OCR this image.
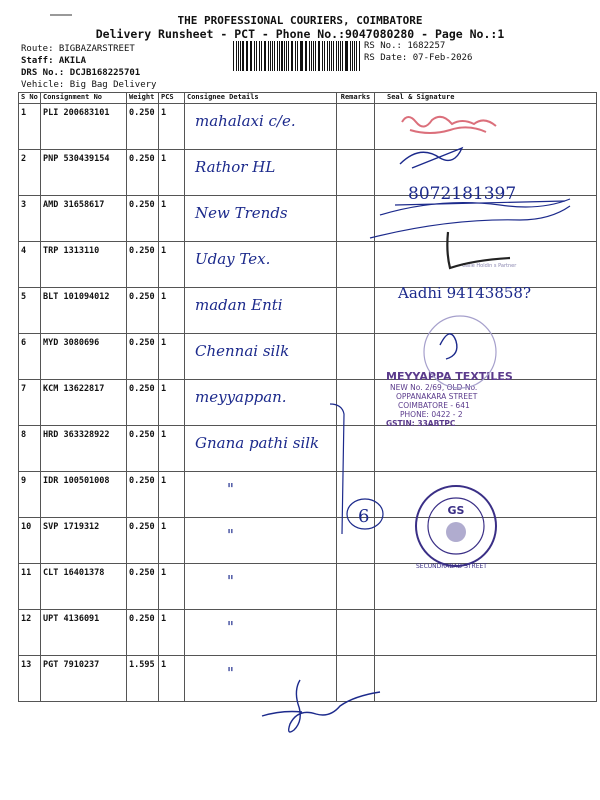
THE PROFESSIONAL COURIERS, COIMBATORE
Delivery Runsheet - PCT - Phone No.:9047080280 - Page No.:1
Route: BIGBAZARSTREET
Staff: AKILA
DRS No.: DCJB168225701
Vehicle: Big Bag Delivery
RS No.: 1682257
RS Date: 07-Feb-2026
S No	Consignment No	Weight	PCS	Consignee Details	Remarks	Seal & Signature
1	PLI 200683101	0.250	1	mahalaxi c/e.		
2	PNP 530439154	0.250	1	Rathor HL		
3	AMD 31658617	0.250	1	New Trends		
4	TRP 1313110	0.250	1	Uday Tex.		
5	BLT 101094012	0.250	1	madan Enti		
6	MYD 3080696	0.250	1	Chennai silk		
7	KCM 13622817	0.250	1	meyyappan.		
8	HRD 363328922	0.250	1	Gnana pathi silk		
9	IDR 100501008	0.250	1	"		
10	SVP 1719312	0.250	1	"		
11	CLT 16401378	0.250	1	"		
12	UPT 4136091	0.250	1	"		
13	PGT 7910237	1.595	1	"		
8072181397
Aadhi 94143858?
6
Gaile Holdin s Partner
MEYYAPPA TEXTILES
NEW No. 2/69, OLD No.
OPPANAKARA STREET
COIMBATORE - 641
PHONE: 0422 - 2
GSTIN: 33ABTPC
GS
SECUNDRABAD STREET
